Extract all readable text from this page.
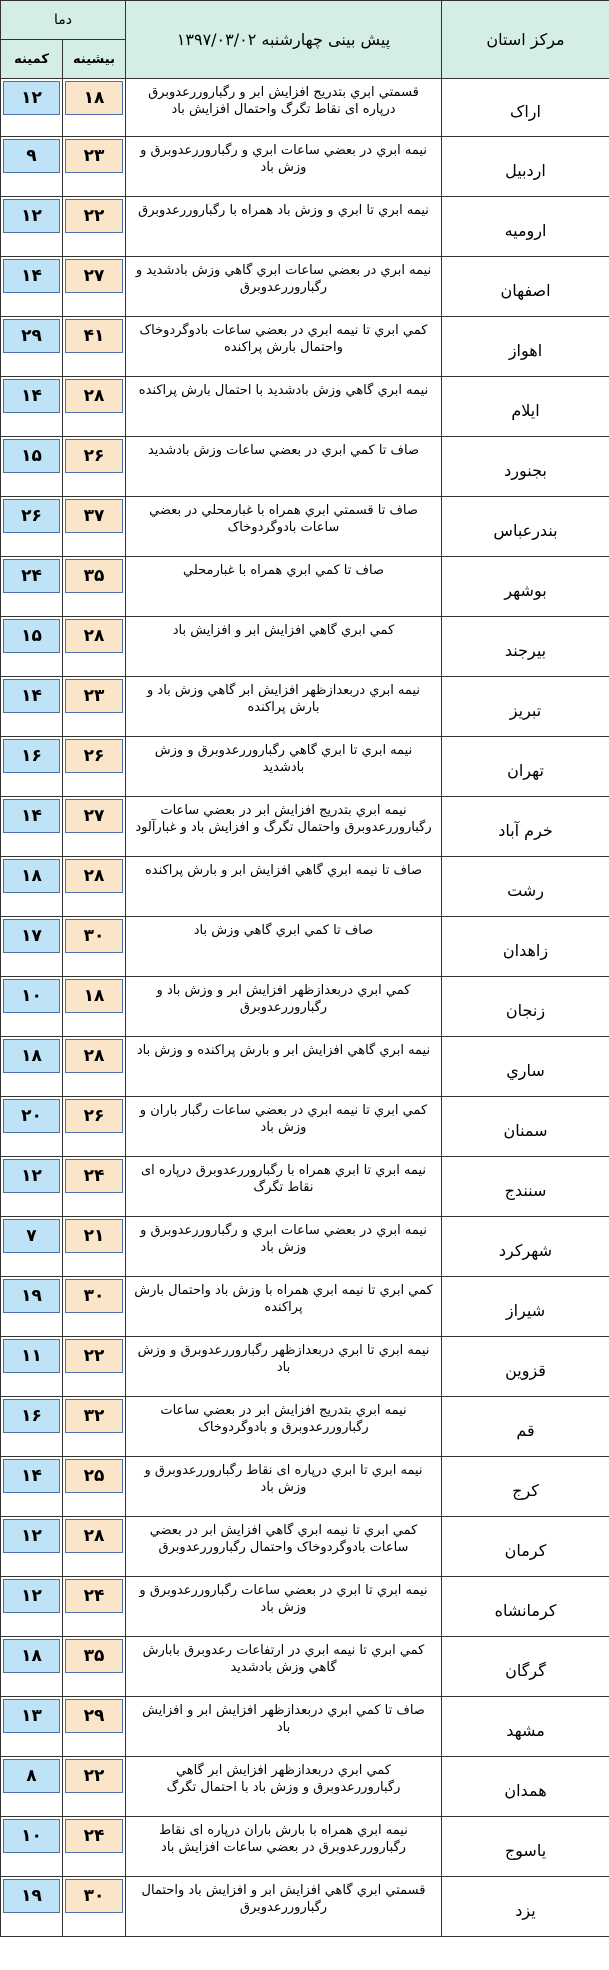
مرکز استان	پیش بینی چهارشنبه ۱۳۹۷/۰۳/۰۲	دما	
		بیشینه	کمینه
اراک	قسمتي ابري بتدريج افزايش ابر و رگباروررعدوبرق درپاره ای نقاط تگرگ واحتمال افزايش باد	۱۸	۱۲

اردبیل	نيمه ابري در بعضي ساعات ابري و رگباروررعدوبرق و وزش باد	۲۳	۹

ارومیه	نيمه ابري تا ابري و وزش باد همراه با رگباروررعدوبرق	۲۲	۱۲

اصفهان	نيمه ابري در بعضي ساعات ابري گاهي وزش بادشديد و رگباروررعدوبرق	۲۷	۱۴

اهواز	کمي ابري تا نيمه ابري در بعضي ساعات بادوگردوخاک واحتمال بارش پراکنده	۴۱	۲۹

ایلام	نيمه ابري گاهي وزش بادشديد با احتمال بارش پراکنده	۲۸	۱۴

بجنورد	صاف تا کمي ابري در بعضي ساعات وزش بادشديد	۲۶	۱۵

بندرعباس	صاف تا قسمتي ابري همراه با غبارمحلي در بعضي ساعات بادوگردوخاک	۳۷	۲۶

بوشهر	صاف تا کمي ابري همراه با غبارمحلي	۳۵	۲۴

بیرجند	کمي ابري گاهي افزايش ابر و افزايش باد	۲۸	۱۵

تبریز	نيمه ابري دربعدازظهر افزايش ابر گاهي وزش باد و بارش پراکنده	۲۳	۱۴

تهران	نيمه ابري تا ابري گاهي رگباروررعدوبرق و وزش بادشديد	۲۶	۱۶

خرم آباد	نيمه ابري بتدريج افزايش ابر در بعضي ساعات رگباروررعدوبرق واحتمال تگرگ و افزايش باد و غبارآلود	۲۷	۱۴

رشت	صاف تا نيمه ابري گاهي افزايش ابر و بارش پراکنده	۲۸	۱۸

زاهدان	صاف تا کمي ابري گاهي وزش باد	۳۰	۱۷

زنجان	کمي ابري دربعدازظهر افزايش ابر و وزش باد و رگباروررعدوبرق	۱۸	۱۰

ساري	نيمه ابري گاهي افزايش ابر و بارش پراکنده و وزش باد	۲۸	۱۸

سمنان	کمي ابري تا نيمه ابري در بعضي ساعات رگبار باران و وزش باد	۲۶	۲۰

سنندج	نيمه ابري تا ابري همراه با رگباروررعدوبرق درپاره ای نقاط تگرگ	۲۴	۱۲

شهرکرد	نيمه ابري در بعضي ساعات ابري و رگباروررعدوبرق و وزش باد	۲۱	۷

شیراز	کمي ابري تا نيمه ابري همراه با وزش باد واحتمال بارش پراکنده	۳۰	۱۹

قزوین	نيمه ابري تا ابري دربعدازظهر رگباروررعدوبرق و وزش باد	۲۲	۱۱

قم	نيمه ابري بتدريج افزايش ابر در بعضي ساعات رگباروررعدوبرق و بادوگردوخاک	۳۲	۱۶

کرج	نيمه ابري تا ابري درپاره ای نقاط رگباروررعدوبرق و وزش باد	۲۵	۱۴

کرمان	کمي ابري تا نيمه ابري گاهي افزايش ابر در بعضي ساعات بادوگردوخاک واحتمال رگباروررعدوبرق	۲۸	۱۲

کرمانشاه	نيمه ابري تا ابري در بعضي ساعات رگباروررعدوبرق و وزش باد	۲۴	۱۲

گرگان	کمي ابري تا نيمه ابري در ارتفاعات رعدوبرق بابارش گاهي وزش بادشديد	۳۵	۱۸

مشهد	صاف تا کمي ابري دربعدازظهر افزايش ابر و افزايش باد	۲۹	۱۳

همدان	کمي ابري دربعدازظهر افزايش ابر گاهي رگباروررعدوبرق و وزش باد با احتمال تگرگ	۲۲	۸

یاسوج	نيمه ابري همراه با بارش باران درپاره ای نقاط رگباروررعدوبرق در بعضي ساعات افزايش باد	۲۴	۱۰

یزد	قسمتي ابري گاهي افزايش ابر و افزايش باد واحتمال رگباروررعدوبرق	۳۰	۱۹
